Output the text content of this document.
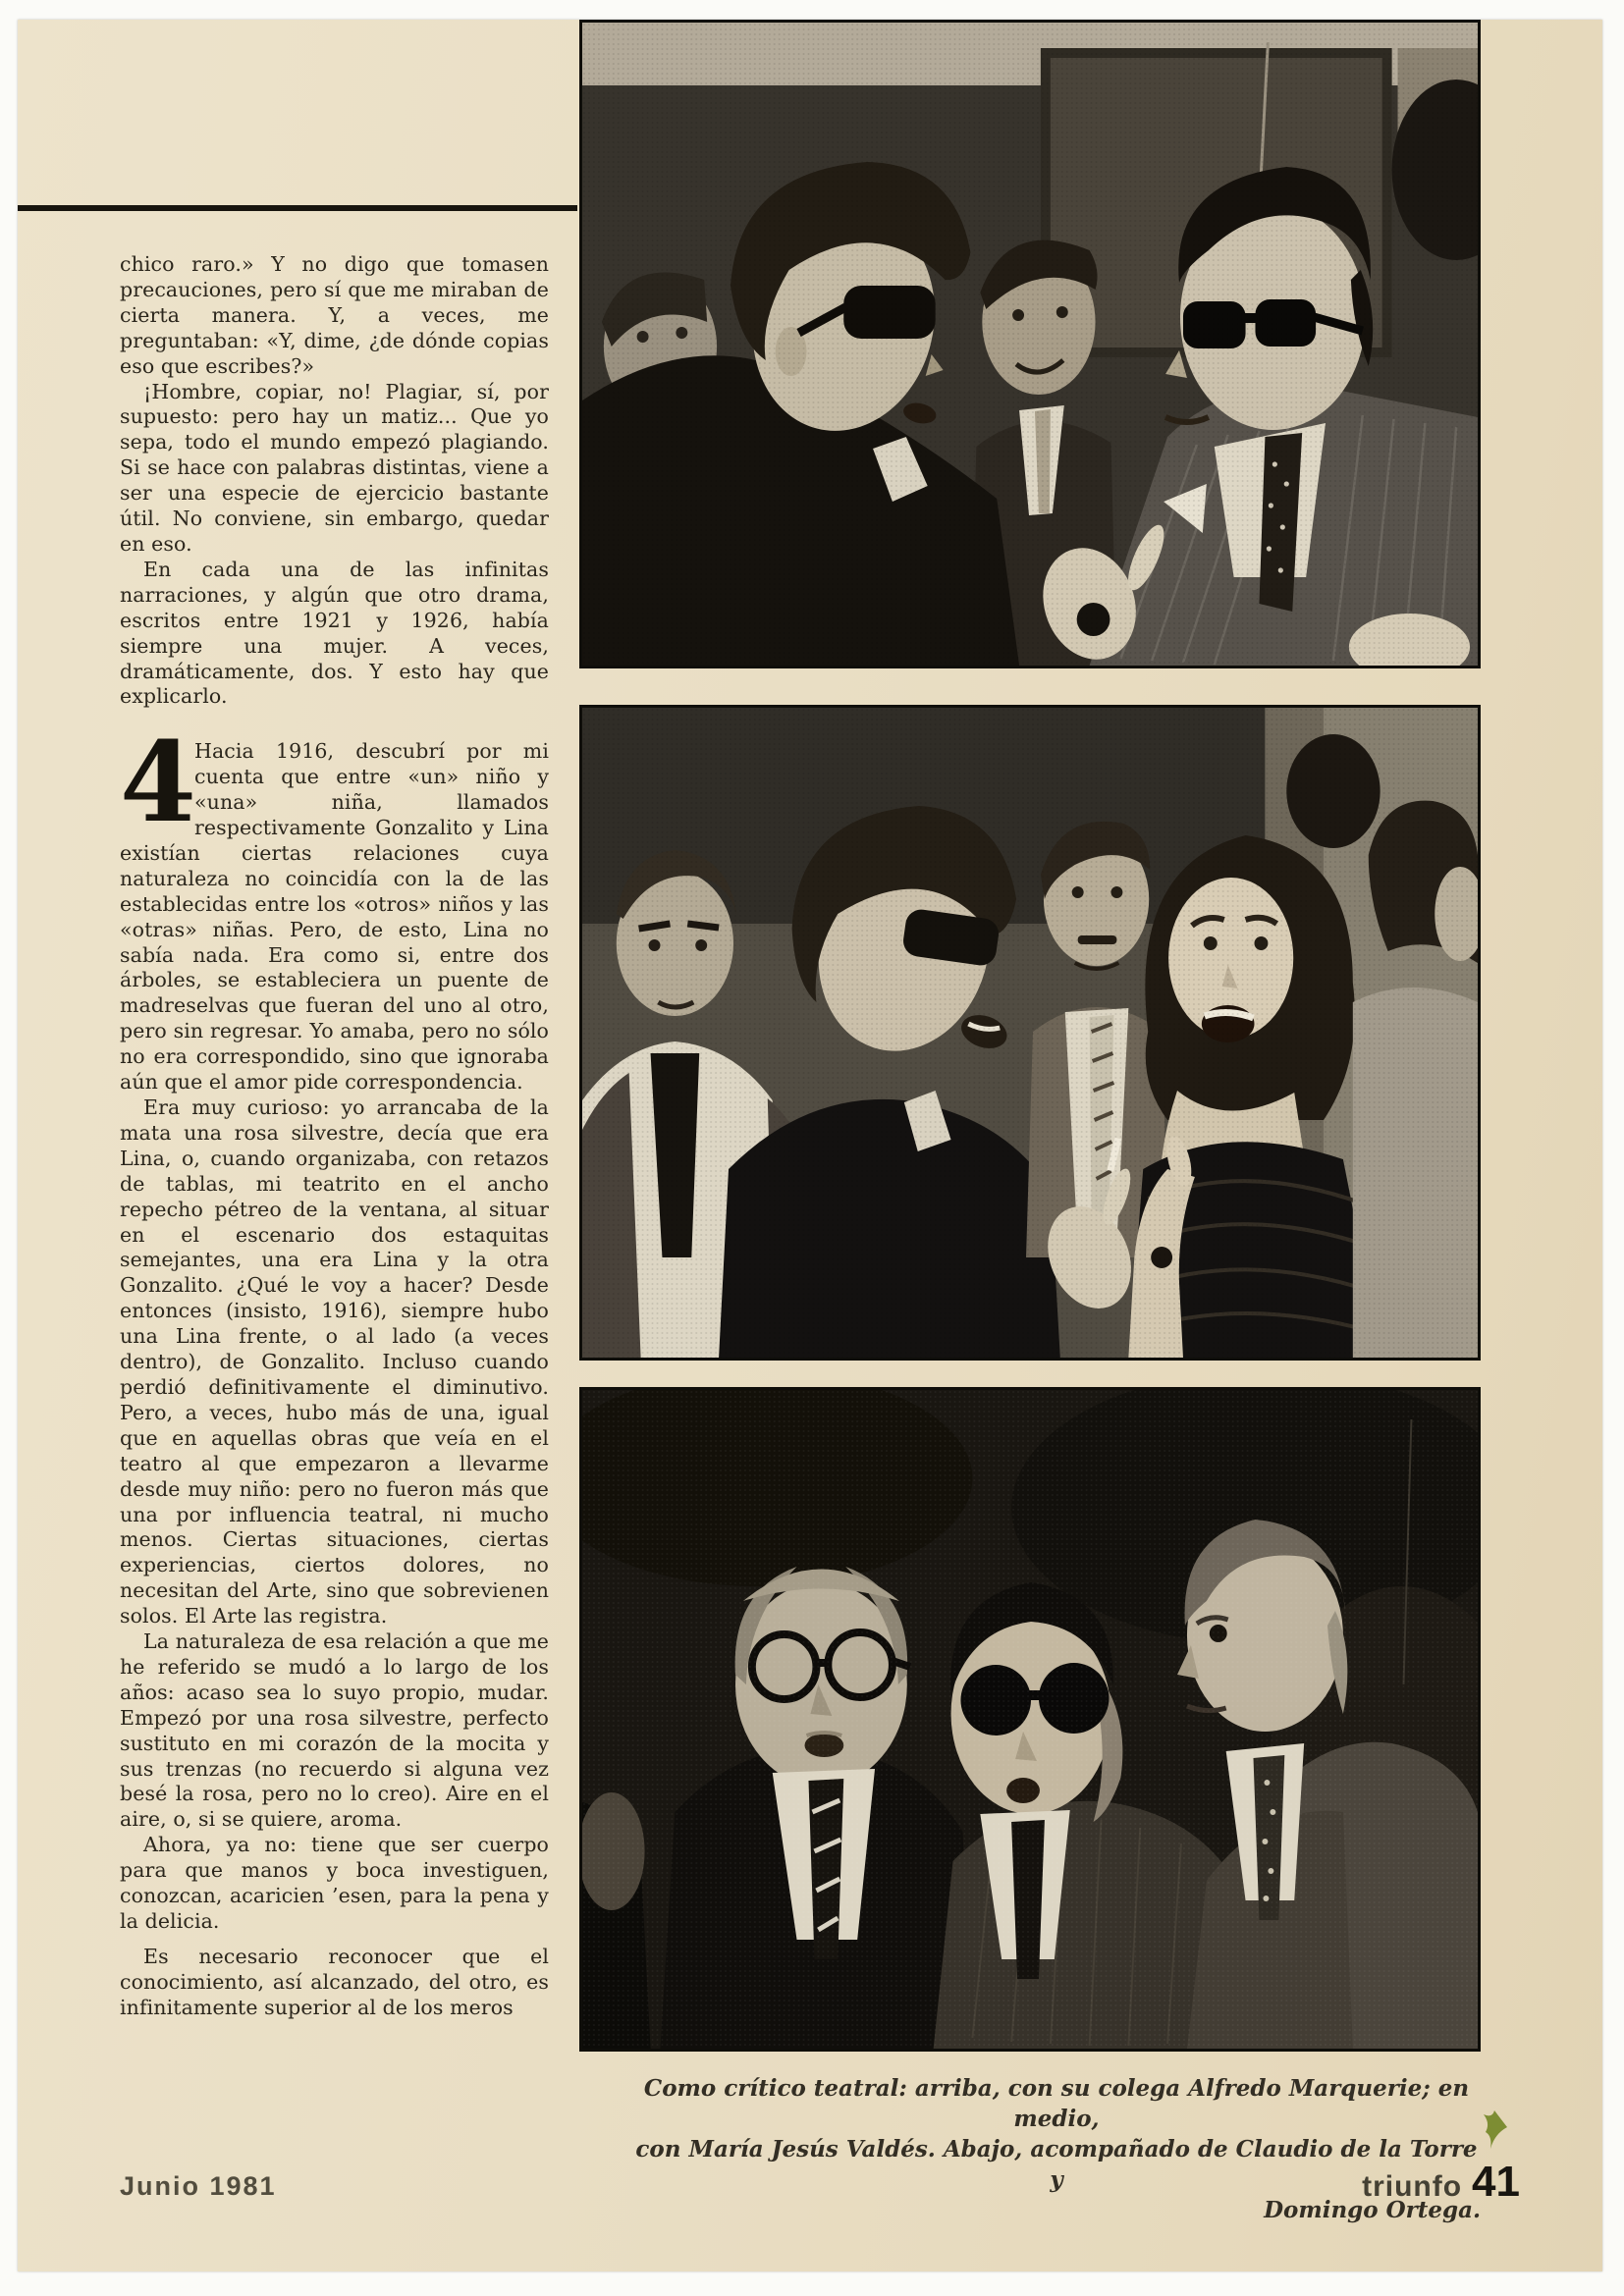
chico raro.» Y no digo que tomasen precauciones, pero sí que me miraban de cierta manera. Y, a veces, me preguntaban: «Y, dime, ¿de dónde copias eso que escribes?»

¡Hombre, copiar, no! Plagiar, sí, por supuesto: pero hay un matiz... Que yo sepa, todo el mundo empezó plagiando. Si se hace con palabras distintas, viene a ser una especie de ejercicio bastante útil. No conviene, sin embargo, quedar en eso.

En cada una de las infinitas narraciones, y algún que otro drama, escritos entre 1921 y 1926, había siempre una mujer. A veces, dramáticamente, dos. Y esto hay que explicarlo.

4
Hacia 1916, descubrí por mi cuenta que entre «un» niño y «una» niña, llamados respectivamente Gonzalito y Lina existían ciertas relaciones cuya naturaleza no coincidía con la de las establecidas entre los «otros» niños y las «otras» niñas. Pero, de esto, Lina no sabía nada. Era como si, entre dos árboles, se estableciera un puente de madreselvas que fueran del uno al otro, pero sin regresar. Yo amaba, pero no sólo no era correspondido, sino que ignoraba aún que el amor pide correspondencia.

Era muy curioso: yo arrancaba de la mata una rosa silvestre, decía que era Lina, o, cuando organizaba, con retazos de tablas, mi teatrito en el ancho repecho pétreo de la ventana, al situar en el escenario dos estaquitas semejantes, una era Lina y la otra Gonzalito. ¿Qué le voy a hacer? Desde entonces (insisto, 1916), siempre hubo una Lina frente, o al lado (a veces dentro), de Gonzalito. Incluso cuando perdió definitivamente el diminutivo. Pero, a veces, hubo más de una, igual que en aquellas obras que veía en el teatro al que empezaron a llevarme desde muy niño: pero no fueron más que una por influencia teatral, ni mucho menos. Ciertas situaciones, ciertas experiencias, ciertos dolores, no necesitan del Arte, sino que sobrevienen solos. El Arte las registra.

La naturaleza de esa relación a que me he referido se mudó a lo largo de los años: acaso sea lo suyo propio, mudar. Empezó por una rosa silvestre, perfecto sustituto en mi corazón de la mocita y sus trenzas (no recuerdo si alguna vez besé la rosa, pero no lo creo). Aire en el aire, o, si se quiere, aroma.

Ahora, ya no: tiene que ser cuerpo para que manos y boca investiguen, conozcan, acaricien ’esen, para la pena y la delicia.

Es necesario reconocer que el conocimiento, así alcanzado, del otro, es infinitamente superior al de los meros

Como crítico teatral: arriba, con su colega Alfredo Marquerie; en medio,
con María Jesús Valdés. Abajo, acompañado de Claudio de la Torre y
Domingo Ortega.
Junio 1981	triunfo 41
